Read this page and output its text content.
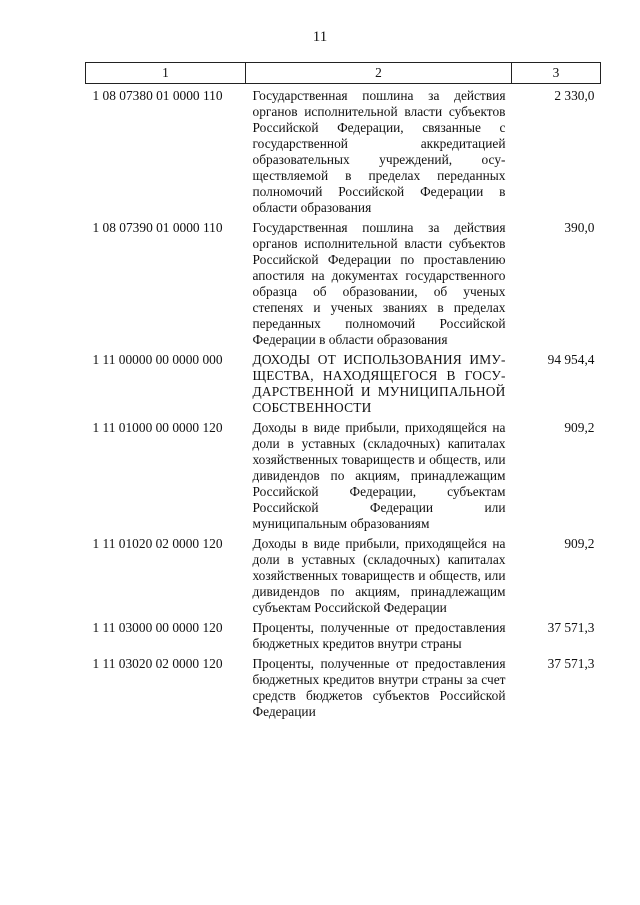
11
1	2	3
1 08 07380 01 0000 110	Государственная пошлина за действия органов исполнительной власти субъектов Российской Федерации, связанные с государственной аккредитацией образовательных учреждений, осуществляемой в пределах переданных полномочий Российской Федерации в области образования	2 330,0
1 08 07390 01 0000 110	Государственная пошлина за действия органов исполнительной власти субъектов Российской Федерации по проставлению апостиля на документах государственного образца об образовании, об ученых степенях и ученых званиях в пределах переданных полномочий Российской Федерации в области образования	390,0
1 11 00000 00 0000 000	ДОХОДЫ ОТ ИСПОЛЬЗОВАНИЯ ИМУЩЕСТВА, НАХОДЯЩЕГОСЯ В ГОСУДАРСТВЕННОЙ И МУНИЦИПАЛЬНОЙ СОБСТВЕННОСТИ	94 954,4
1 11 01000 00 0000 120	Доходы в виде прибыли, приходящейся на доли в уставных (складочных) капиталах хозяйственных товариществ и обществ, или дивидендов по акциям, принадлежащим Российской Федерации, субъектам Российской Федерации или муниципальным образованиям	909,2
1 11 01020 02 0000 120	Доходы в виде прибыли, приходящейся на доли в уставных (складочных) капиталах хозяйственных товариществ и обществ, или дивидендов по акциям, принадлежащим субъектам Российской Федерации	909,2
1 11 03000 00 0000 120	Проценты, полученные от предоставления бюджетных кредитов внутри страны	37 571,3
1 11 03020 02 0000 120	Проценты, полученные от предоставления бюджетных кредитов внутри страны за счет средств бюджетов субъектов Российской Федерации	37 571,3
